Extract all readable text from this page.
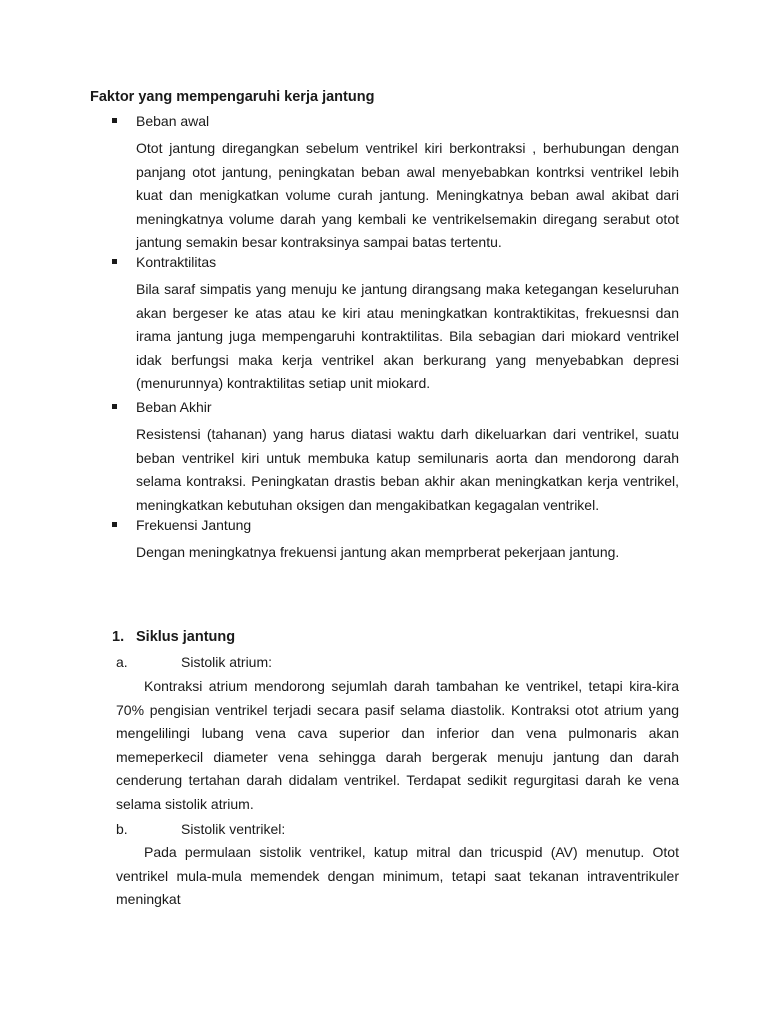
Faktor yang mempengaruhi kerja jantung
Beban awal

Otot jantung diregangkan sebelum ventrikel kiri berkontraksi , berhubungan dengan panjang otot jantung, peningkatan beban awal menyebabkan kontrksi ventrikel lebih kuat dan menigkatkan volume curah jantung. Meningkatnya beban awal akibat dari meningkatnya volume darah yang kembali ke ventrikelsemakin diregang serabut otot jantung semakin besar kontraksinya sampai batas tertentu.

Kontraktilitas

Bila saraf simpatis yang menuju ke jantung dirangsang maka ketegangan keseluruhan akan bergeser ke atas atau ke kiri atau meningkatkan kontraktikitas, frekuesnsi dan irama jantung juga mempengaruhi kontraktilitas. Bila sebagian dari miokard ventrikel idak berfungsi maka kerja ventrikel akan berkurang yang menyebabkan depresi (menurunnya) kontraktilitas setiap unit miokard.

Beban Akhir

Resistensi (tahanan) yang harus diatasi waktu darh dikeluarkan dari ventrikel, suatu beban ventrikel kiri untuk membuka katup semilunaris aorta dan mendorong darah selama kontraksi. Peningkatan drastis beban akhir akan meningkatkan kerja ventrikel, meningkatkan kebutuhan oksigen dan mengakibatkan kegagalan ventrikel.

Frekuensi Jantung

Dengan meningkatnya frekuensi jantung akan memprberat pekerjaan jantung.

1. Siklus jantung
a.	Sistolik atrium:

Kontraksi atrium mendorong sejumlah darah tambahan ke ventrikel, tetapi kira-kira 70% pengisian ventrikel terjadi secara pasif selama diastolik. Kontraksi otot atrium yang mengelilingi lubang vena cava superior dan inferior dan vena pulmonaris akan memeperkecil diameter vena sehingga darah bergerak menuju jantung dan darah cenderung tertahan darah didalam ventrikel. Terdapat sedikit regurgitasi darah ke vena selama sistolik atrium.

b.	Sistolik ventrikel:

Pada permulaan sistolik ventrikel, katup mitral dan tricuspid (AV) menutup. Otot ventrikel mula-mula memendek dengan minimum, tetapi saat tekanan intraventrikuler meningkat
